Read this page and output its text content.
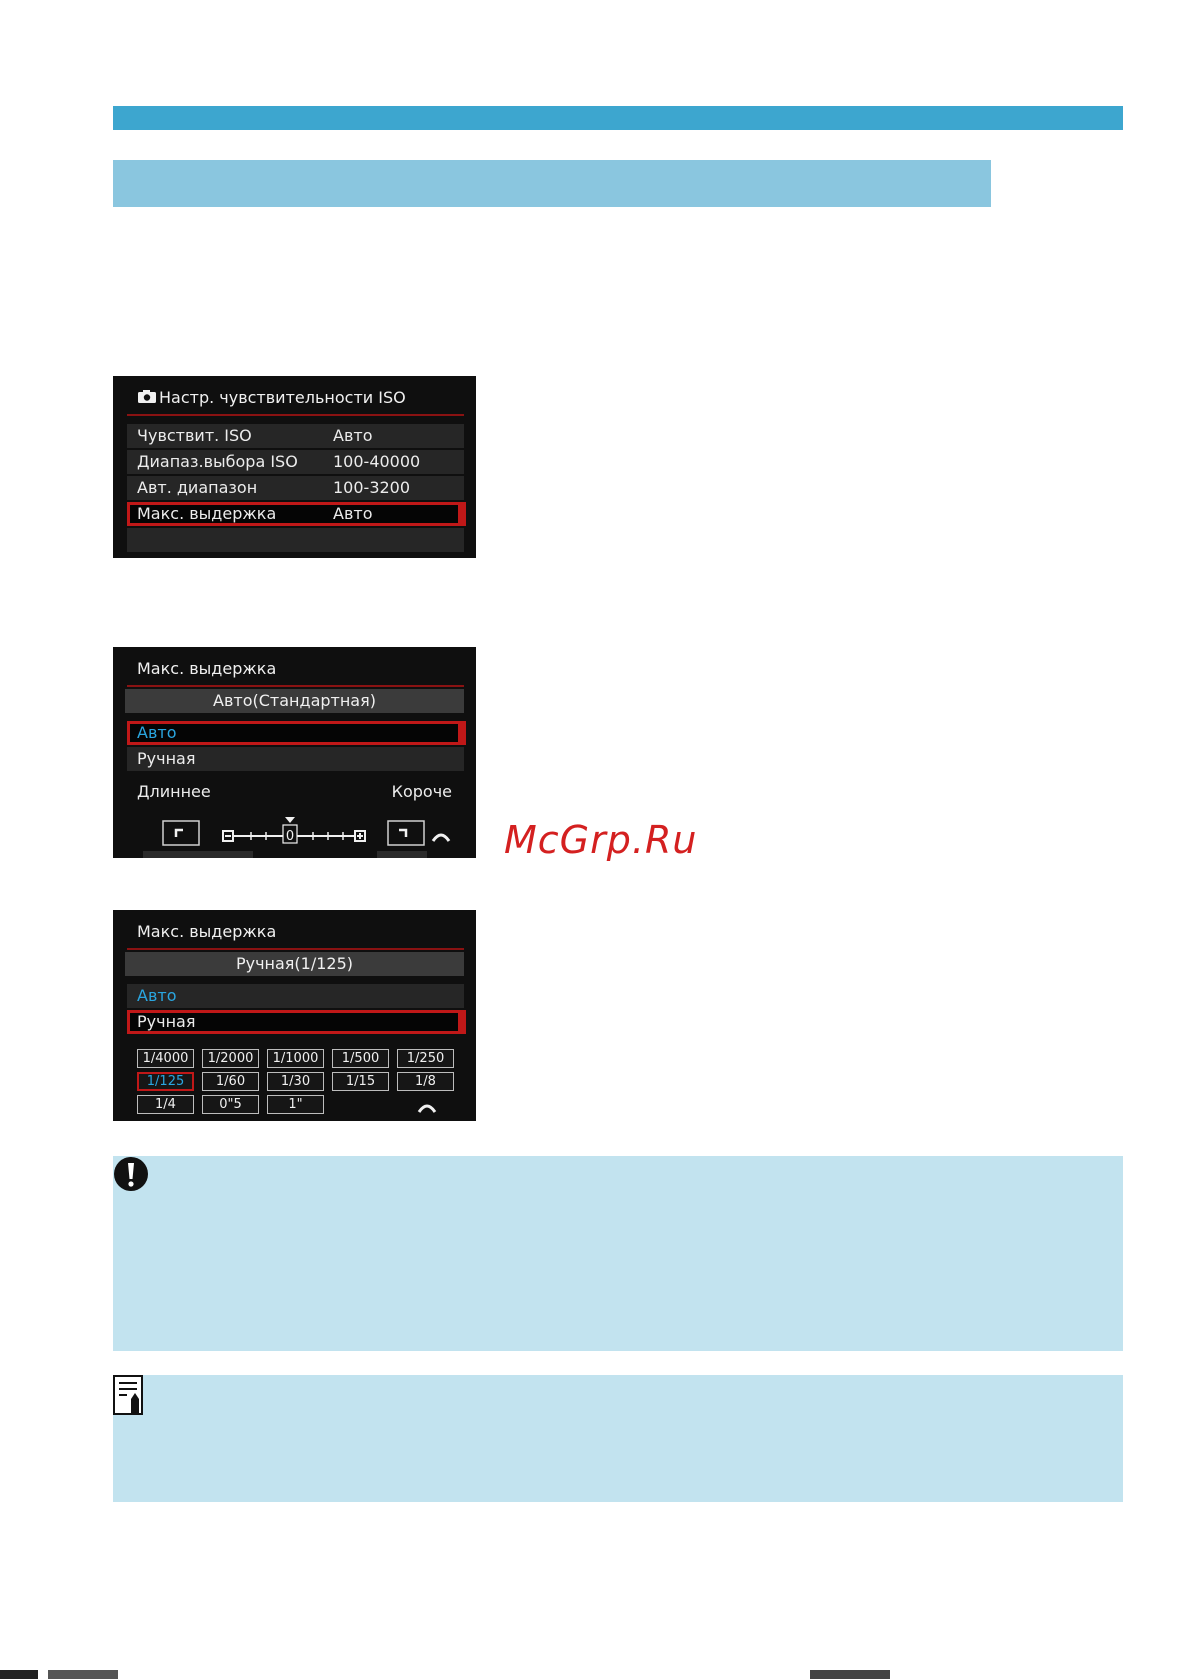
Настр. чувствительности ISO
Чувствит. ISO	Авто
Диапаз.выбора ISO 100-40000
Авт. диапазон	100-3200
Макс. выдержка	Авто
Макс. выдержка
Авто(Стандартная)
Авто
Ручная
Длиннее	Короче
0
Макс. выдержка
Ручная(1/125)
Авто
Ручная
1/4000	1/2000	1/1000	1/500	1/250
1/125	1/60	1/30	1/15	1/8
1/4	0"5	1"
McGrp.Ru
